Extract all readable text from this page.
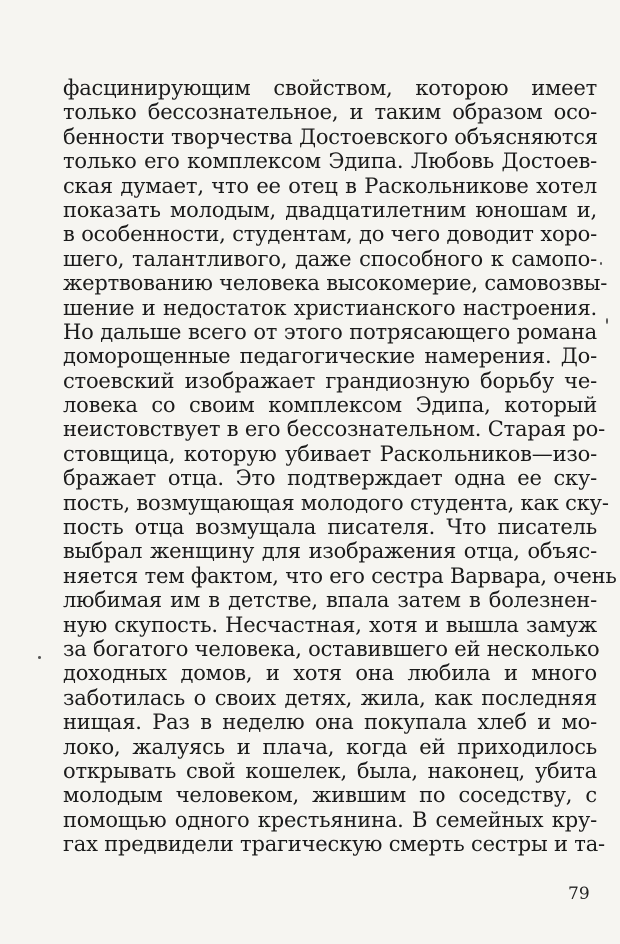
фасцинирующим свойством, которою имеет
только бессознательное, и таким образом осо-
бенности творчества Достоевского объясняются
только его комплексом Эдипа. Любовь Достоев-
ская думает, что ее отец в Раскольникове хотел
показать молодым, двадцатилетним юношам и,
в особенности, студентам, до чего доводит хоро-
шего, талантливого, даже способного к самопо-
жертвованию человека высокомерие, самовозвы-
шение и недостаток христианского настроения.
Но дальше всего от этого потрясающего романа
доморощенные педагогические намерения. До-
стоевский изображает грандиозную борьбу че-
ловека со своим комплексом Эдипа, который
неистовствует в его бессознательном. Старая ро-
стовщица, которую убивает Раскольников—изо-
бражает отца. Это подтверждает одна ее ску-
пость, возмущающая молодого студента, как ску-
пость отца возмущала писателя. Что писатель
выбрал женщину для изображения отца, объяс-
няется тем фактом, что его сестра Варвара, очень
любимая им в детстве, впала затем в болезнен-
ную скупость. Несчастная, хотя и вышла замуж
за богатого человека, оставившего ей несколько
доходных домов, и хотя она любила и много
заботилась о своих детях, жила, как последняя
нищая. Раз в неделю она покупала хлеб и мо-
локо, жалуясь и плача, когда ей приходилось
открывать свой кошелек, была, наконец, убита
молодым человеком, жившим по соседству, с
помощью одного крестьянина. В семейных кру-
гах предвидели трагическую смерть сестры и та-
79
